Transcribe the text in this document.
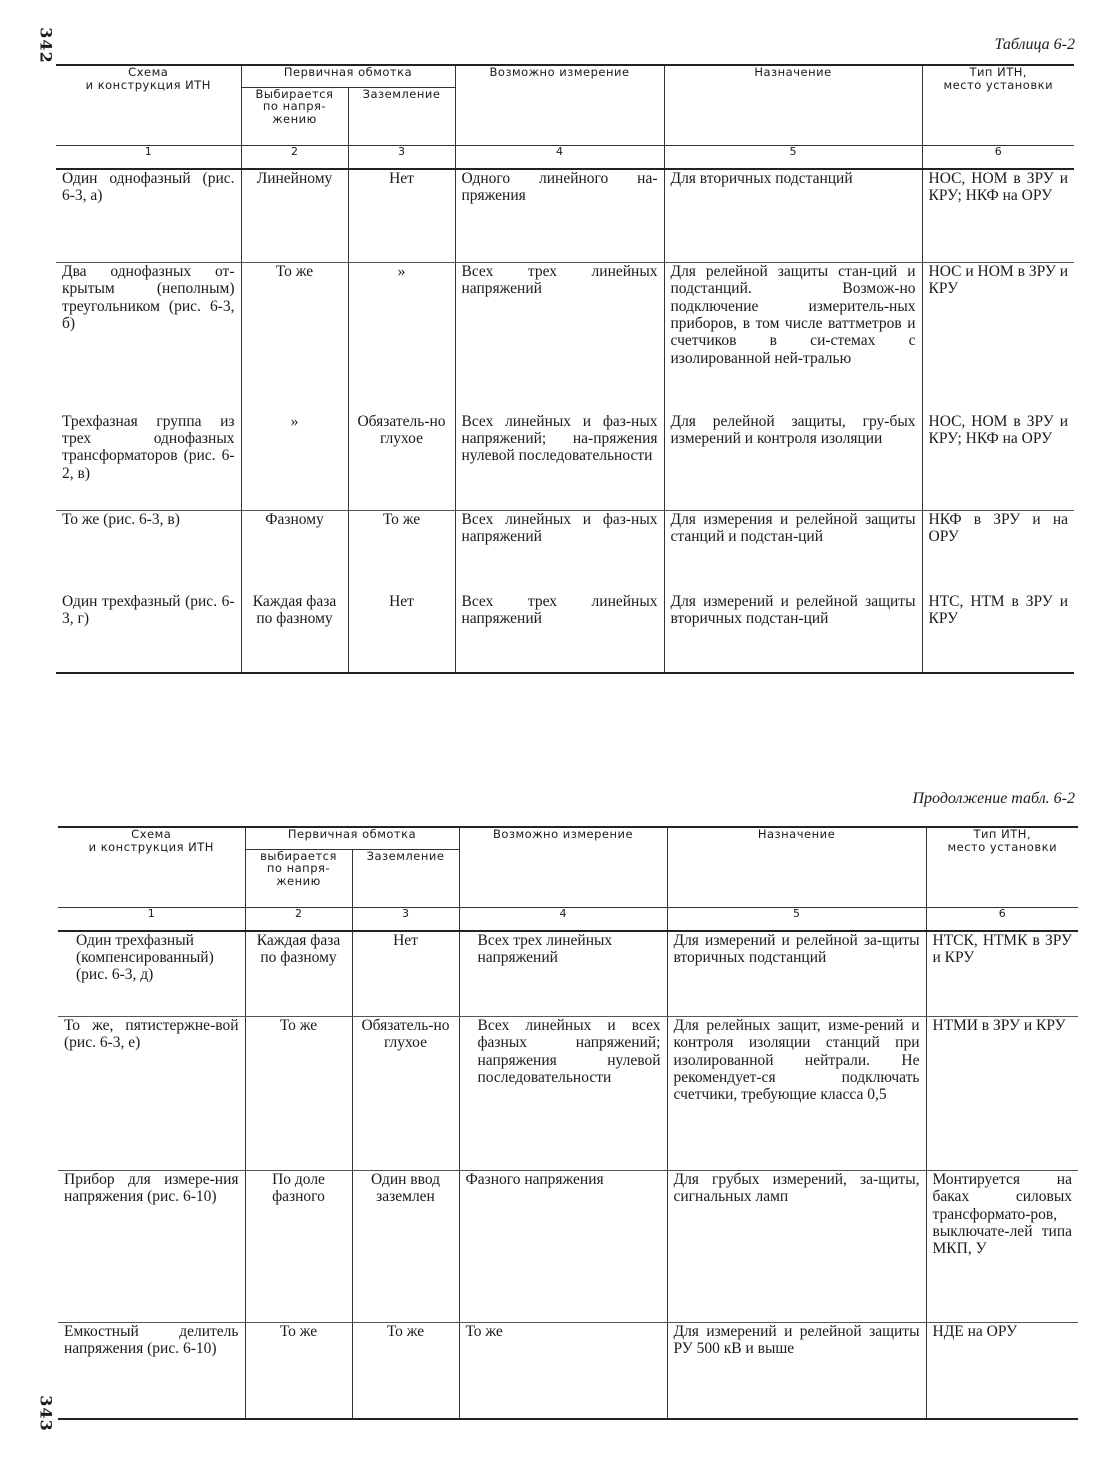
342
343
Таблица 6-2
Продолжение табл. 6-2
Схема
и конструкция ИТН	Первичная обмотка		Возможно измерение	Назначение	Тип ИТН,
место установки
	Выбирается
по напря-
жению	Заземление			
1	2	3	4	5	6
Один однофазный (рис. 6-3, а)	Линейному	Нет	Одного линейного на-пряжения	Для вторичных подстанций	НОС, НОМ в ЗРУ и КРУ; НКФ на ОРУ
Два однофазных от-крытым (неполным) треугольником (рис. 6-3, б)	То же	»	Всех трех линейных напряжений	Для релейной защиты стан-ций и подстанций. Возмож-но подключение измеритель-ных приборов, в том числе ваттметров и счетчиков в си-стемах с изолированной ней-тралью	НОС и НОМ в ЗРУ и КРУ
Трехфазная группа из трех однофазных трансформаторов (рис. 6-2, в)	»	Обязатель-но глухое	Всех линейных и фаз-ных напряжений; на-пряжения нулевой последовательности	Для релейной защиты, гру-бых измерений и контроля изоляции	НОС, НОМ в ЗРУ и КРУ; НКФ на ОРУ
То же (рис. 6-3, в)	Фазному	То же	Всех линейных и фаз-ных напряжений	Для измерения и релейной защиты станций и подстан-ций	НКФ в ЗРУ и на ОРУ
Один трехфазный (рис. 6-3, г)	Каждая фаза по фазному	Нет	Всех трех линейных напряжений	Для измерений и релейной защиты вторичных подстан-ций	НТС, НТМ в ЗРУ и КРУ
Схема
и конструкция ИТН	Первичная обмотка		Возможно измерение	Назначение	Тип ИТН,
место установки
	выбирается
по напря-
жению	Заземление			
1	2	3	4	5	6
Один трехфазный (компенсированный) (рис. 6-3, д)	Каждая фаза по фазному	Нет	Всех трех линейных напряжений	Для измерений и релейной за-щиты вторичных подстанций	НТСК, НТМК в ЗРУ и КРУ
То же, пятистержне-вой (рис. 6-3, е)	То же	Обязатель-но глухое	Всех линейных и всех фазных напряжений; напряжения нулевой последовательности	Для релейных защит, изме-рений и контроля изоляции станций при изолированной нейтрали. Не рекомендует-ся подключать счетчики, требующие класса 0,5	НТМИ в ЗРУ и КРУ
Прибор для измере-ния напряжения (рис. 6-10)	По доле фазного	Один ввод заземлен	Фазного напряжения	Для грубых измерений, за-щиты, сигнальных ламп	Монтируется на баках силовых трансформато-ров, выключате-лей типа МКП, У
Емкостный делитель напряжения (рис. 6-10)	То же	То же	То же	Для измерений и релейной защиты РУ 500 кВ и выше	НДЕ на ОРУ
